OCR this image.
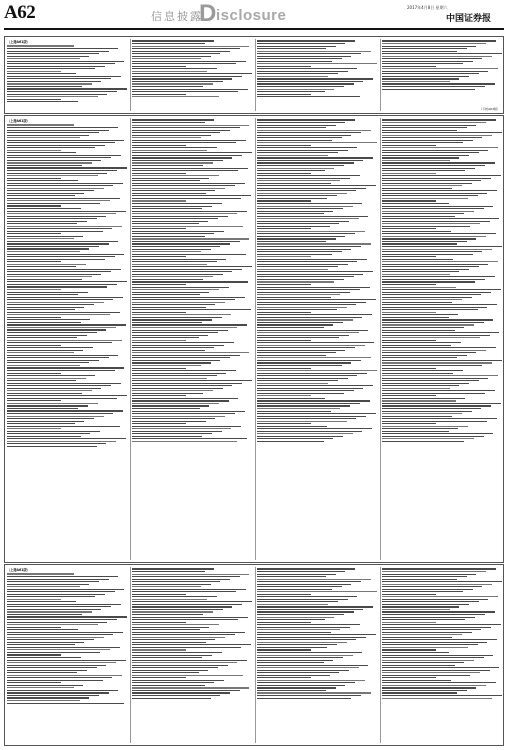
A62	信息披露
D isclosure	2017年4月8日 星期六
中国证券报
（上接A61版）
（下转A63版）
（上接A61版）
（上接A61版）
